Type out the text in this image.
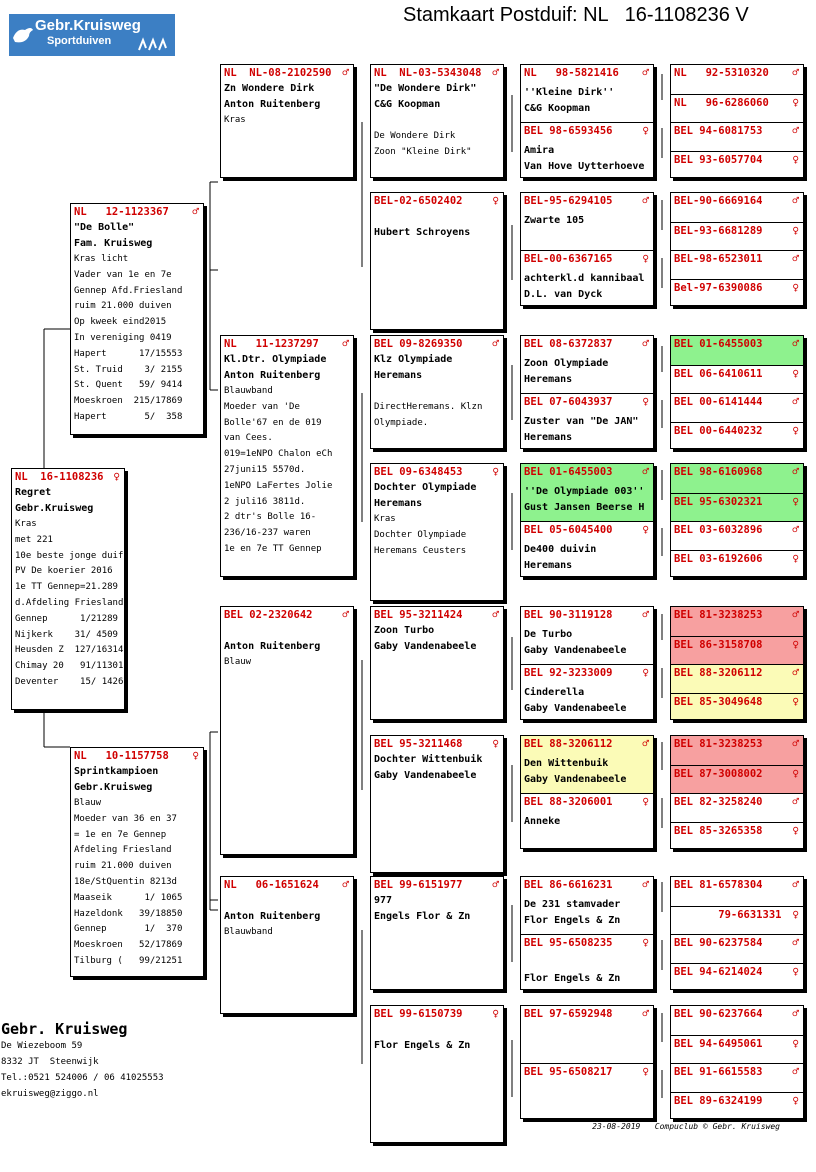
Gebr.Kruisweg
Sportduiven
Stamkaart Postduif: NL   16-1108236 V
NL  16-1108236 ♀
Regret
Gebr.Kruisweg
Kras
met 221
10e beste jonge duif
PV De koerier 2016
1e TT Gennep=21.289
d.Afdeling Friesland
Gennep      1/21289
Nijkerk    31/ 4509
Heusden Z  127/16314
Chimay 20   91/11301
Deventer    15/ 1426
NL   12-1123367 ♂
"De Bolle"
Fam. Kruisweg
Kras licht
Vader van 1e en 7e
Gennep Afd.Friesland
ruim 21.000 duiven
Op kweek eind2015
In vereniging 0419
Hapert      17/15553
St. Truid    3/ 2155
St. Quent   59/ 9414
Moeskroen  215/17869
Hapert       5/  358
NL   10-1157758 ♀
Sprintkampioen
Gebr.Kruisweg
Blauw
Moeder van 36 en 37
= 1e en 7e Gennep
Afdeling Friesland
ruim 21.000 duiven
18e/StQuentin 8213d
Maaseik      1/ 1065
Hazeldonk   39/18850
Gennep       1/  370
Moeskroen   52/17869
Tilburg (   99/21251
NL  NL-08-2102590 ♂
Zn Wondere Dirk
Anton Ruitenberg
Kras
NL   11-1237297 ♂
Kl.Dtr. Olympiade
Anton Ruitenberg
Blauwband
Moeder van 'De
Bolle'67 en de 019
van Cees.
019=1eNPO Chalon eCh
27juni15 5570d.
1eNPO LaFertes Jolie
2 juli16 3811d.
2 dtr's Bolle 16-
236/16-237 waren
1e en 7e TT Gennep
BEL 02-2320642	♂
Anton Ruitenberg
Blauw
NL   06-1651624 ♂
Anton Ruitenberg
Blauwband
NL  NL-03-5343048 ♂
"De Wondere Dirk"
C&G Koopman
De Wondere Dirk
Zoon "Kleine Dirk"
BEL-02-6502402	♀
Hubert Schroyens
BEL 09-8269350	♂
Klz Olympiade
Heremans
DirectHeremans. Klzn
Olympiade.
BEL 09-6348453	♀
Dochter Olympiade
Heremans
Kras
Dochter Olympiade
Heremans Ceusters
BEL 95-3211424	♂
Zoon Turbo
Gaby Vandenabeele
BEL 95-3211468	♀
Dochter Wittenbuik
Gaby Vandenabeele
BEL 99-6151977	♂
977
Engels Flor & Zn
BEL 99-6150739	♀
Flor Engels & Zn
NL   98-5821416 ♂
''Kleine Dirk''
C&G Koopman
BEL 98-6593456	♀
Amira
Van Hove Uytterhoeve
BEL-95-6294105	♂
Zwarte 105
BEL-00-6367165	♀
achterkl.d kannibaal
D.L. van Dyck
BEL 08-6372837	♂
Zoon Olympiade
Heremans
BEL 07-6043937	♀
Zuster van "De JAN"
Heremans
BEL 01-6455003	♂
''De Olympiade 003''
Gust Jansen Beerse H
BEL 05-6045400	♀
De400 duivin
Heremans
BEL 90-3119128	♂
De Turbo
Gaby Vandenabeele
BEL 92-3233009	♀
Cinderella
Gaby Vandenabeele
BEL 88-3206112	♂
Den Wittenbuik
Gaby Vandenabeele
BEL 88-3206001	♀
Anneke
BEL 86-6616231	♂
De 231 stamvader
Flor Engels & Zn
BEL 95-6508235	♀
Flor Engels & Zn
BEL 97-6592948	♂
BEL 95-6508217	♀
NL   92-5310320 ♂
NL   96-6286060 ♀
BEL 94-6081753	♂
BEL 93-6057704	♀
BEL-90-6669164	♂
BEL-93-6681289	♀
BEL-98-6523011	♂
Bel-97-6390086	♀
BEL 01-6455003	♂
BEL 06-6410611	♀
BEL 00-6141444	♂
BEL 00-6440232	♀
BEL 98-6160968	♂
BEL 95-6302321	♀
BEL 03-6032896	♂
BEL 03-6192606	♀
BEL 81-3238253	♂
BEL 86-3158708	♀
BEL 88-3206112	♂
BEL 85-3049648	♀
BEL 81-3238253	♂
BEL 87-3008002	♀
BEL 82-3258240	♂
BEL 85-3265358	♀
BEL 81-6578304	♂
79-6631331 ♀
BEL 90-6237584	♂
BEL 94-6214024	♀
BEL 90-6237664	♂
BEL 94-6495061	♀
BEL 91-6615583	♂
BEL 89-6324199	♀
Gebr. Kruisweg
De Wiezeboom 59
8332 JT  Steenwijk
Tel.:0521 524006 / 06 41025553
ekruisweg@ziggo.nl
23-08-2019   Compuclub © Gebr. Kruisweg
